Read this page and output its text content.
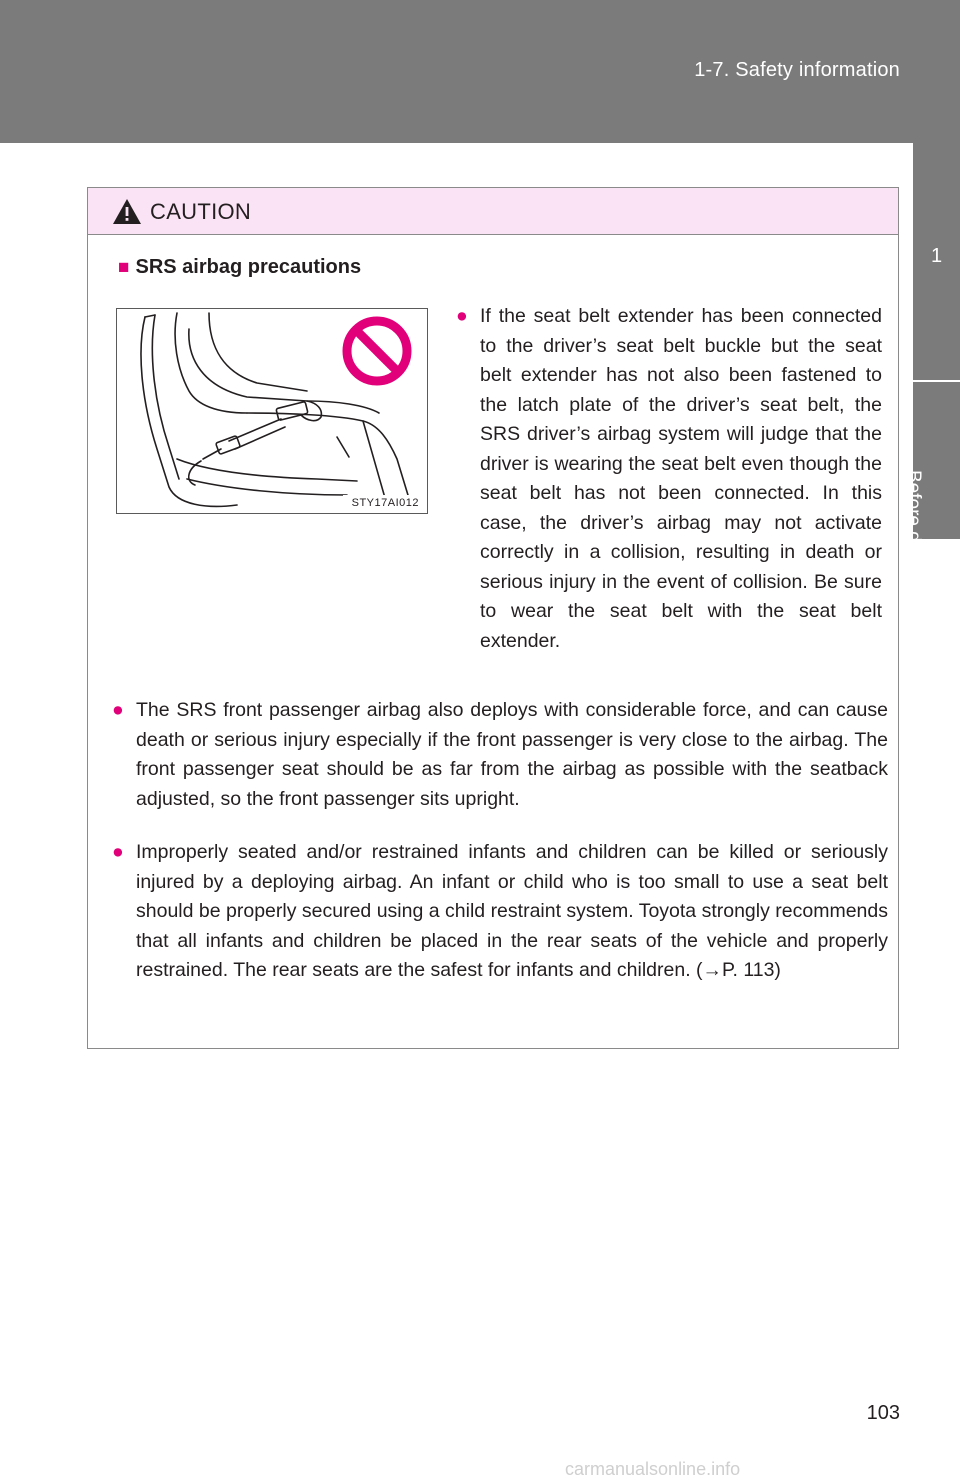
1-7. Safety information
1
Before driving
CAUTION
■ SRS airbag precautions
STY17AI012
● If the seat belt extender has been connected to the driver’s seat belt buckle but the seat belt extender has not also been fastened to the latch plate of the driver’s seat belt, the SRS driver’s airbag system will judge that the driver is wearing the seat belt even though the seat belt has not been connected. In this case, the driver’s airbag may not activate correctly in a collision, resulting in death or serious injury in the event of collision. Be sure to wear the seat belt with the seat belt extender.
● The SRS front passenger airbag also deploys with considerable force, and can cause death or serious injury especially if the front passenger is very close to the airbag. The front passenger seat should be as far from the airbag as possible with the seatback adjusted, so the front passenger sits upright.
● Improperly seated and/or restrained infants and children can be killed or seriously injured by a deploying airbag. An infant or child who is too small to use a seat belt should be properly secured using a child restraint system. Toyota strongly recommends that all infants and children be placed in the rear seats of the vehicle and properly restrained. The rear seats are the safest for infants and children. (→P. 113)
103
carmanualsonline.info
